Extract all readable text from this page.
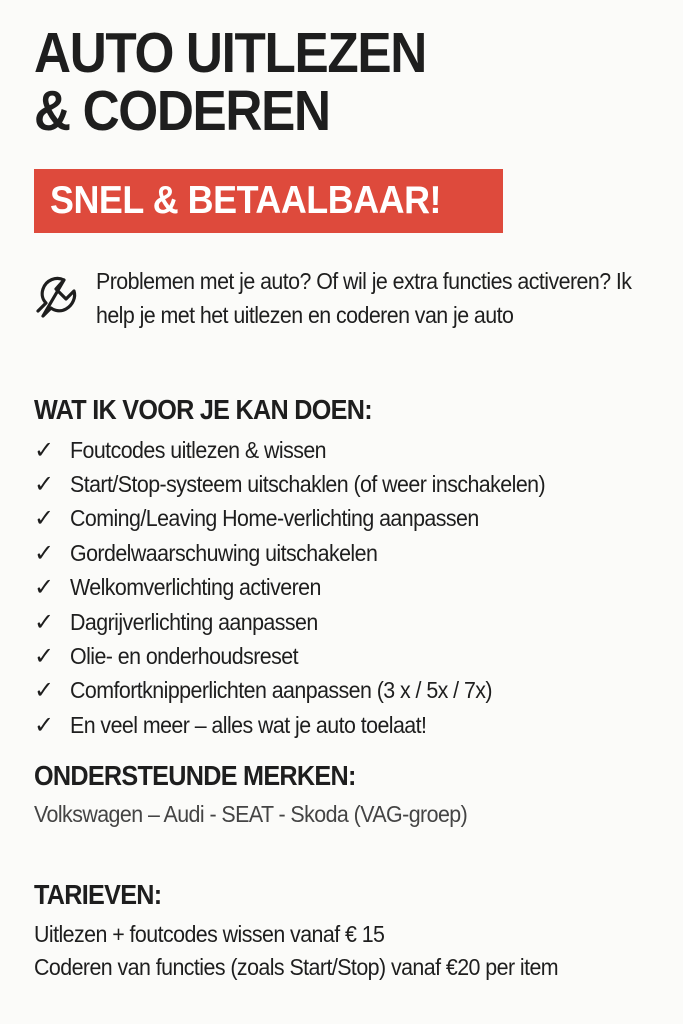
AUTO UITLEZEN
& CODEREN
SNEL & BETAALBAAR!

Problemen met je auto? Of wil je extra functies activeren? Ik help je met het uitlezen en coderen van je auto

WAT IK VOOR JE KAN DOEN:
✓ Foutcodes uitlezen & wissen
✓ Start/Stop-systeem uitschaklen (of weer inschakelen)
✓ Coming/Leaving Home-verlichting aanpassen
✓ Gordelwaarschuwing uitschakelen
✓ Welkomverlichting activeren
✓ Dagrijverlichting aanpassen
✓ Olie- en onderhoudsreset
✓ Comfortknipperlichten aanpassen (3 x / 5x / 7x)
✓ En veel meer – alles wat je auto toelaat!
ONDERSTEUNDE MERKEN:

Volkswagen – Audi - SEAT - Skoda (VAG-groep)

TARIEVEN:

Uitlezen + foutcodes wissen vanaf € 15

Coderen van functies (zoals Start/Stop) vanaf €20 per item
